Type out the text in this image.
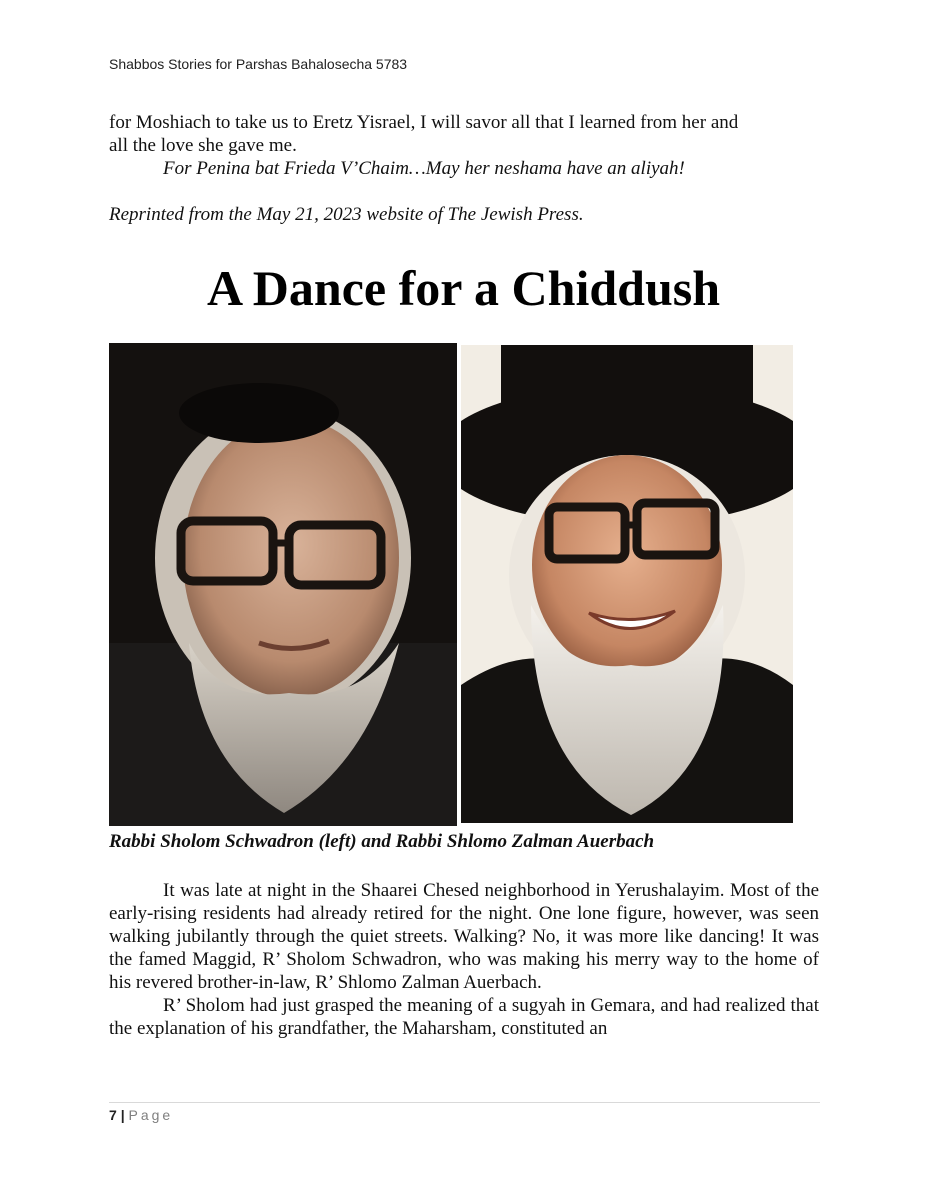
Shabbos Stories for Parshas Bahalosecha 5783
for Moshiach to take us to Eretz Yisrael, I will savor all that I learned from her and
all the love she gave me.
For Penina bat Frieda V’Chaim…May her neshama have an aliyah!
Reprinted from the May 21, 2023 website of The Jewish Press.
A Dance for a Chiddush
Rabbi Sholom Schwadron (left) and Rabbi Shlomo Zalman Auerbach

It was late at night in the Shaarei Chesed neighborhood in Yerushalayim. Most of the early-rising residents had already retired for the night. One lone figure, however, was seen walking jubilantly through the quiet streets. Walking? No, it was more like dancing! It was the famed Maggid, R’ Sholom Schwadron, who was making his merry way to the home of his revered brother-in-law, R’ Shlomo Zalman Auerbach.

R’ Sholom had just grasped the meaning of a sugyah in Gemara, and had realized that the explanation of his grandfather, the Maharsham, constituted an

7 | Page
